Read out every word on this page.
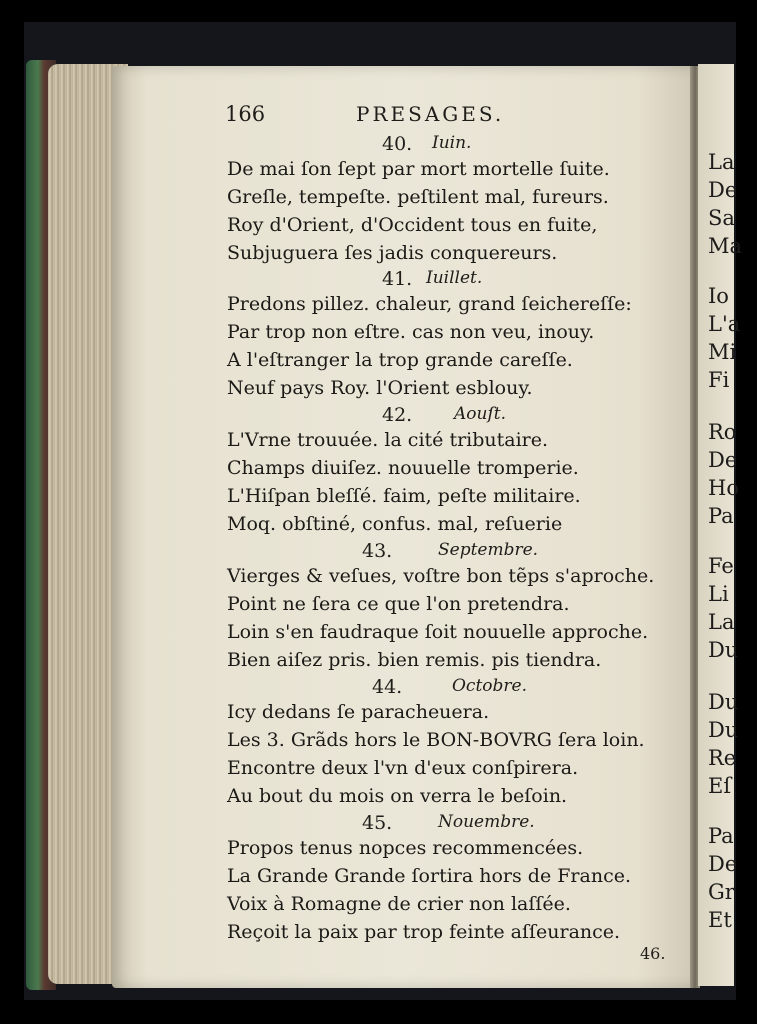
La
De
Sa
Ma
Io
L'a
Mi
Fi
Ro
De
Ho
Pa
Fe
Li
La
Du
Du
Du
Re
Eſ
Pa
De
Gr
Et
166	PRESAGES.
40. Iuin.
De mai ſon ſept par mort mortelle ſuite.
Greſle, tempeſte. peſtilent mal, fureurs.
Roy d'Orient, d'Occident tous en fuite,
Subjuguera ſes jadis conquereurs.
41. Iuillet.
Predons pillez. chaleur, grand ſeichereſſe:
Par trop non eſtre. cas non veu, inouy.
A l'eſtranger la trop grande careſſe.
Neuf pays Roy. l'Orient esblouy.
42. Aouſt.
L'Vrne trouuée. la cité tributaire.
Champs diuiſez. nouuelle tromperie.
L'Hiſpan bleſſé. faim, peſte militaire.
Moq. obſtiné, confus. mal, reſuerie
43.	Septembre.
Vierges & veſues, voſtre bon tẽps s'aproche.
Point ne ſera ce que l'on pretendra.
Loin s'en faudraque ſoit nouuelle approche.
Bien aiſez pris. bien remis. pis tiendra.
44.	Octobre.
Icy dedans ſe paracheuera.
Les 3. Grãds hors le BON-BOVRG ſera loin.
Encontre deux l'vn d'eux conſpirera.
Au bout du mois on verra le beſoin.
45.	Nouembre.
Propos tenus nopces recommencées.
La Grande Grande ſortira hors de France.
Voix à Romagne de crier non laſſée.
Reçoit la paix par trop feinte aſſeurance.
46.
